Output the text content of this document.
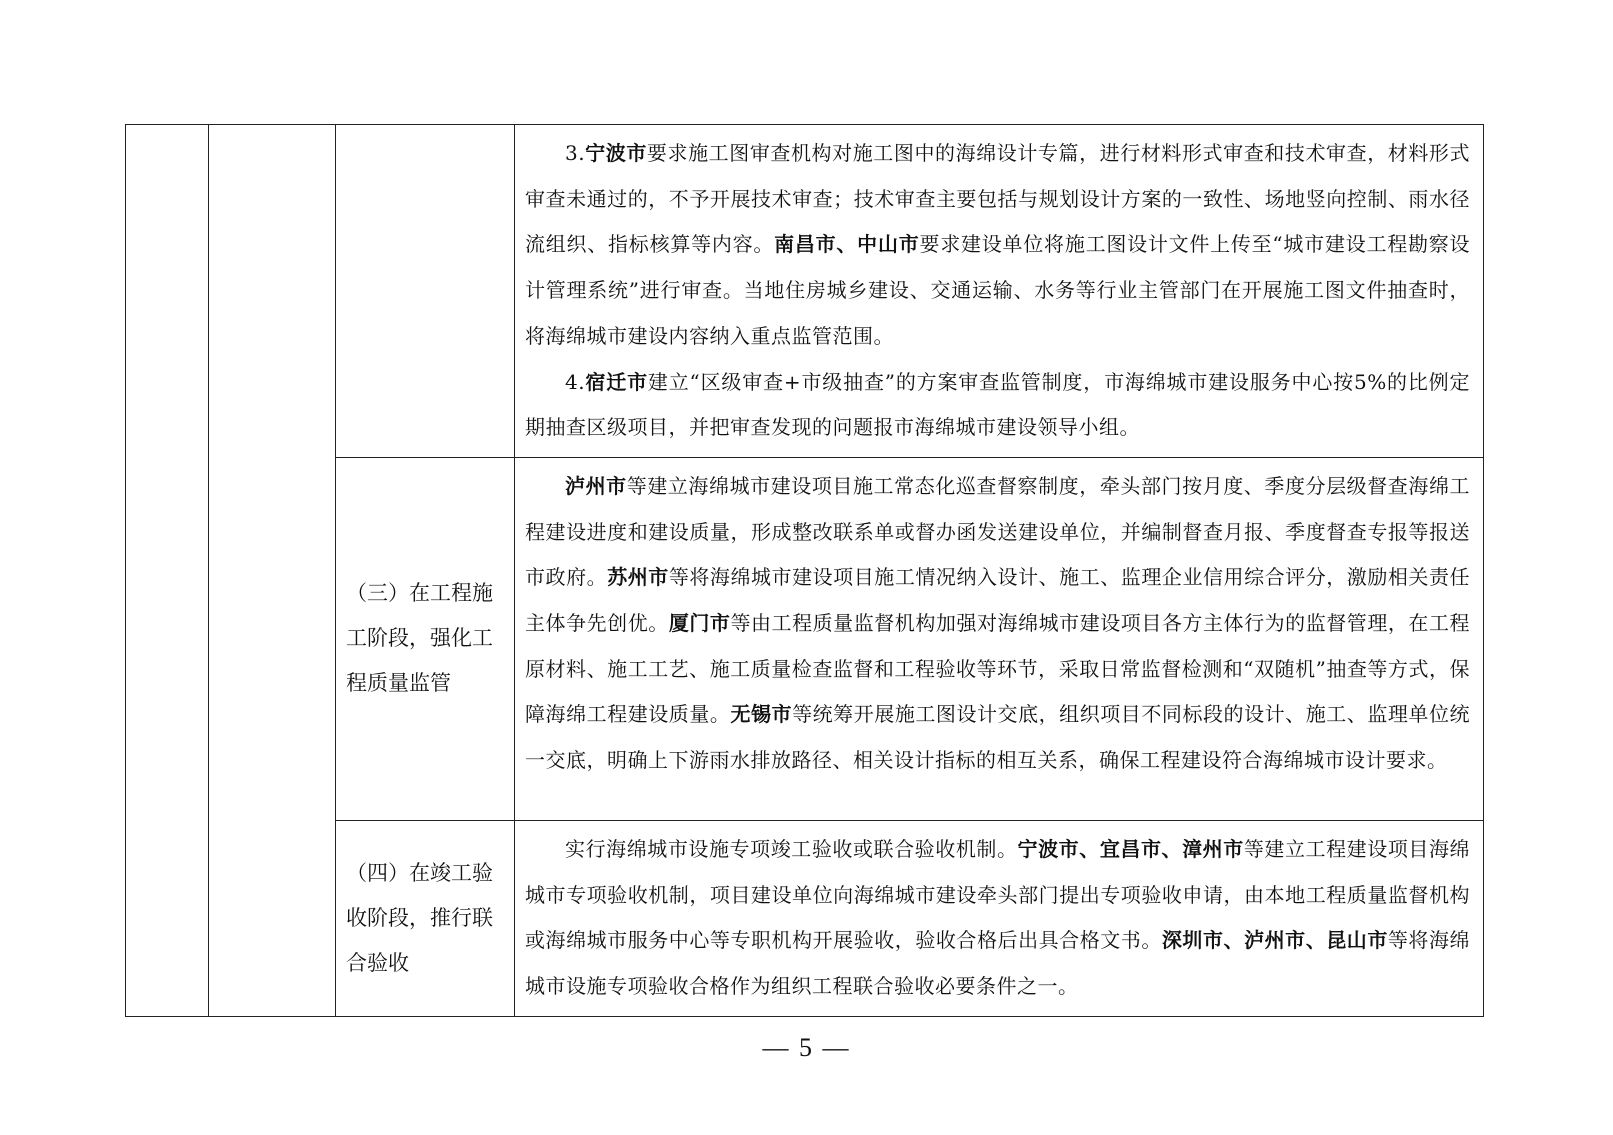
			3.宁波市要求施工图审查机构对施工图中的海绵设计专篇，进行材料形式审查和技术审查，材料形式审查未通过的，不予开展技术审查；技术审查主要包括与规划设计方案的一致性、场地竖向控制、雨水径流组织、指标核算等内容。南昌市、中山市要求建设单位将施工图设计文件上传至“城市建设工程勘察设计管理系统”进行审查。当地住房城乡建设、交通运输、水务等行业主管部门在开展施工图文件抽查时，将海绵城市建设内容纳入重点监管范围。

4.宿迁市建立“区级审查+市级抽查”的方案审查监管制度，市海绵城市建设服务中心按5%的比例定期抽查区级项目，并把审查发现的问题报市海绵城市建设领导小组。

		（三）在工程施工阶段，强化工程质量监管	泸州市等建立海绵城市建设项目施工常态化巡查督察制度，牵头部门按月度、季度分层级督查海绵工程建设进度和建设质量，形成整改联系单或督办函发送建设单位，并编制督查月报、季度督查专报等报送市政府。苏州市等将海绵城市建设项目施工情况纳入设计、施工、监理企业信用综合评分，激励相关责任主体争先创优。厦门市等由工程质量监督机构加强对海绵城市建设项目各方主体行为的监督管理，在工程原材料、施工工艺、施工质量检查监督和工程验收等环节，采取日常监督检测和“双随机”抽查等方式，保障海绵工程建设质量。无锡市等统筹开展施工图设计交底，组织项目不同标段的设计、施工、监理单位统一交底，明确上下游雨水排放路径、相关设计指标的相互关系，确保工程建设符合海绵城市设计要求。

		（四）在竣工验收阶段，推行联合验收	实行海绵城市设施专项竣工验收或联合验收机制。宁波市、宜昌市、漳州市等建立工程建设项目海绵城市专项验收机制，项目建设单位向海绵城市建设牵头部门提出专项验收申请，由本地工程质量监督机构或海绵城市服务中心等专职机构开展验收，验收合格后出具合格文书。深圳市、泸州市、昆山市等将海绵城市设施专项验收合格作为组织工程联合验收必要条件之一。

— 5 —
